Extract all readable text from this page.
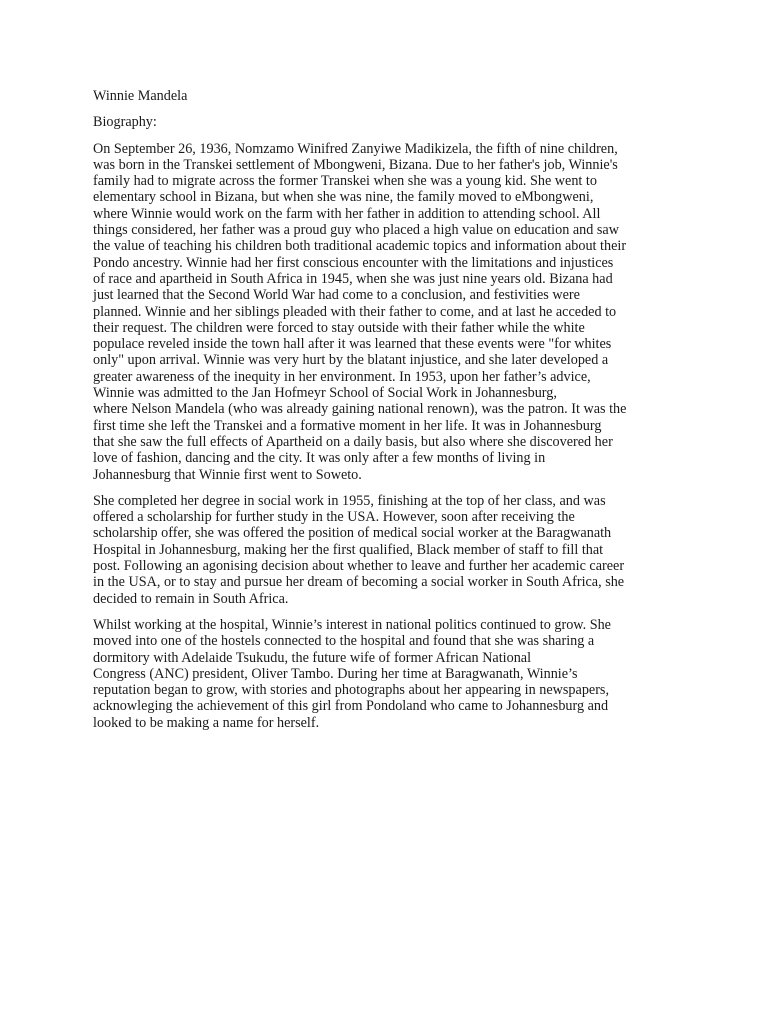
Winnie Mandela

Biography:

On September 26, 1936, Nomzamo Winifred Zanyiwe Madikizela, the fifth of nine children,
was born in the Transkei settlement of Mbongweni, Bizana. Due to her father's job, Winnie's
family had to migrate across the former Transkei when she was a young kid. She went to
elementary school in Bizana, but when she was nine, the family moved to eMbongweni,
where Winnie would work on the farm with her father in addition to attending school. All
things considered, her father was a proud guy who placed a high value on education and saw
the value of teaching his children both traditional academic topics and information about their
Pondo ancestry. Winnie had her first conscious encounter with the limitations and injustices
of race and apartheid in South Africa in 1945, when she was just nine years old. Bizana had
just learned that the Second World War had come to a conclusion, and festivities were
planned. Winnie and her siblings pleaded with their father to come, and at last he acceded to
their request. The children were forced to stay outside with their father while the white
populace reveled inside the town hall after it was learned that these events were "for whites
only" upon arrival. Winnie was very hurt by the blatant injustice, and she later developed a
greater awareness of the inequity in her environment. In 1953, upon her father’s advice,
Winnie was admitted to the Jan Hofmeyr School of Social Work in Johannesburg,
where Nelson Mandela (who was already gaining national renown), was the patron. It was the
first time she left the Transkei and a formative moment in her life. It was in Johannesburg
that she saw the full effects of Apartheid on a daily basis, but also where she discovered her
love of fashion, dancing and the city. It was only after a few months of living in
Johannesburg that Winnie first went to Soweto.

She completed her degree in social work in 1955, finishing at the top of her class, and was
offered a scholarship for further study in the USA. However, soon after receiving the
scholarship offer, she was offered the position of medical social worker at the Baragwanath
Hospital in Johannesburg, making her the first qualified, Black member of staff to fill that
post. Following an agonising decision about whether to leave and further her academic career
in the USA, or to stay and pursue her dream of becoming a social worker in South Africa, she
decided to remain in South Africa.

Whilst working at the hospital, Winnie’s interest in national politics continued to grow. She
moved into one of the hostels connected to the hospital and found that she was sharing a
dormitory with Adelaide Tsukudu, the future wife of former African National
Congress (ANC) president, Oliver Tambo. During her time at Baragwanath, Winnie’s
reputation began to grow, with stories and photographs about her appearing in newspapers,
acknowleging the achievement of this girl from Pondoland who came to Johannesburg and
looked to be making a name for herself.
